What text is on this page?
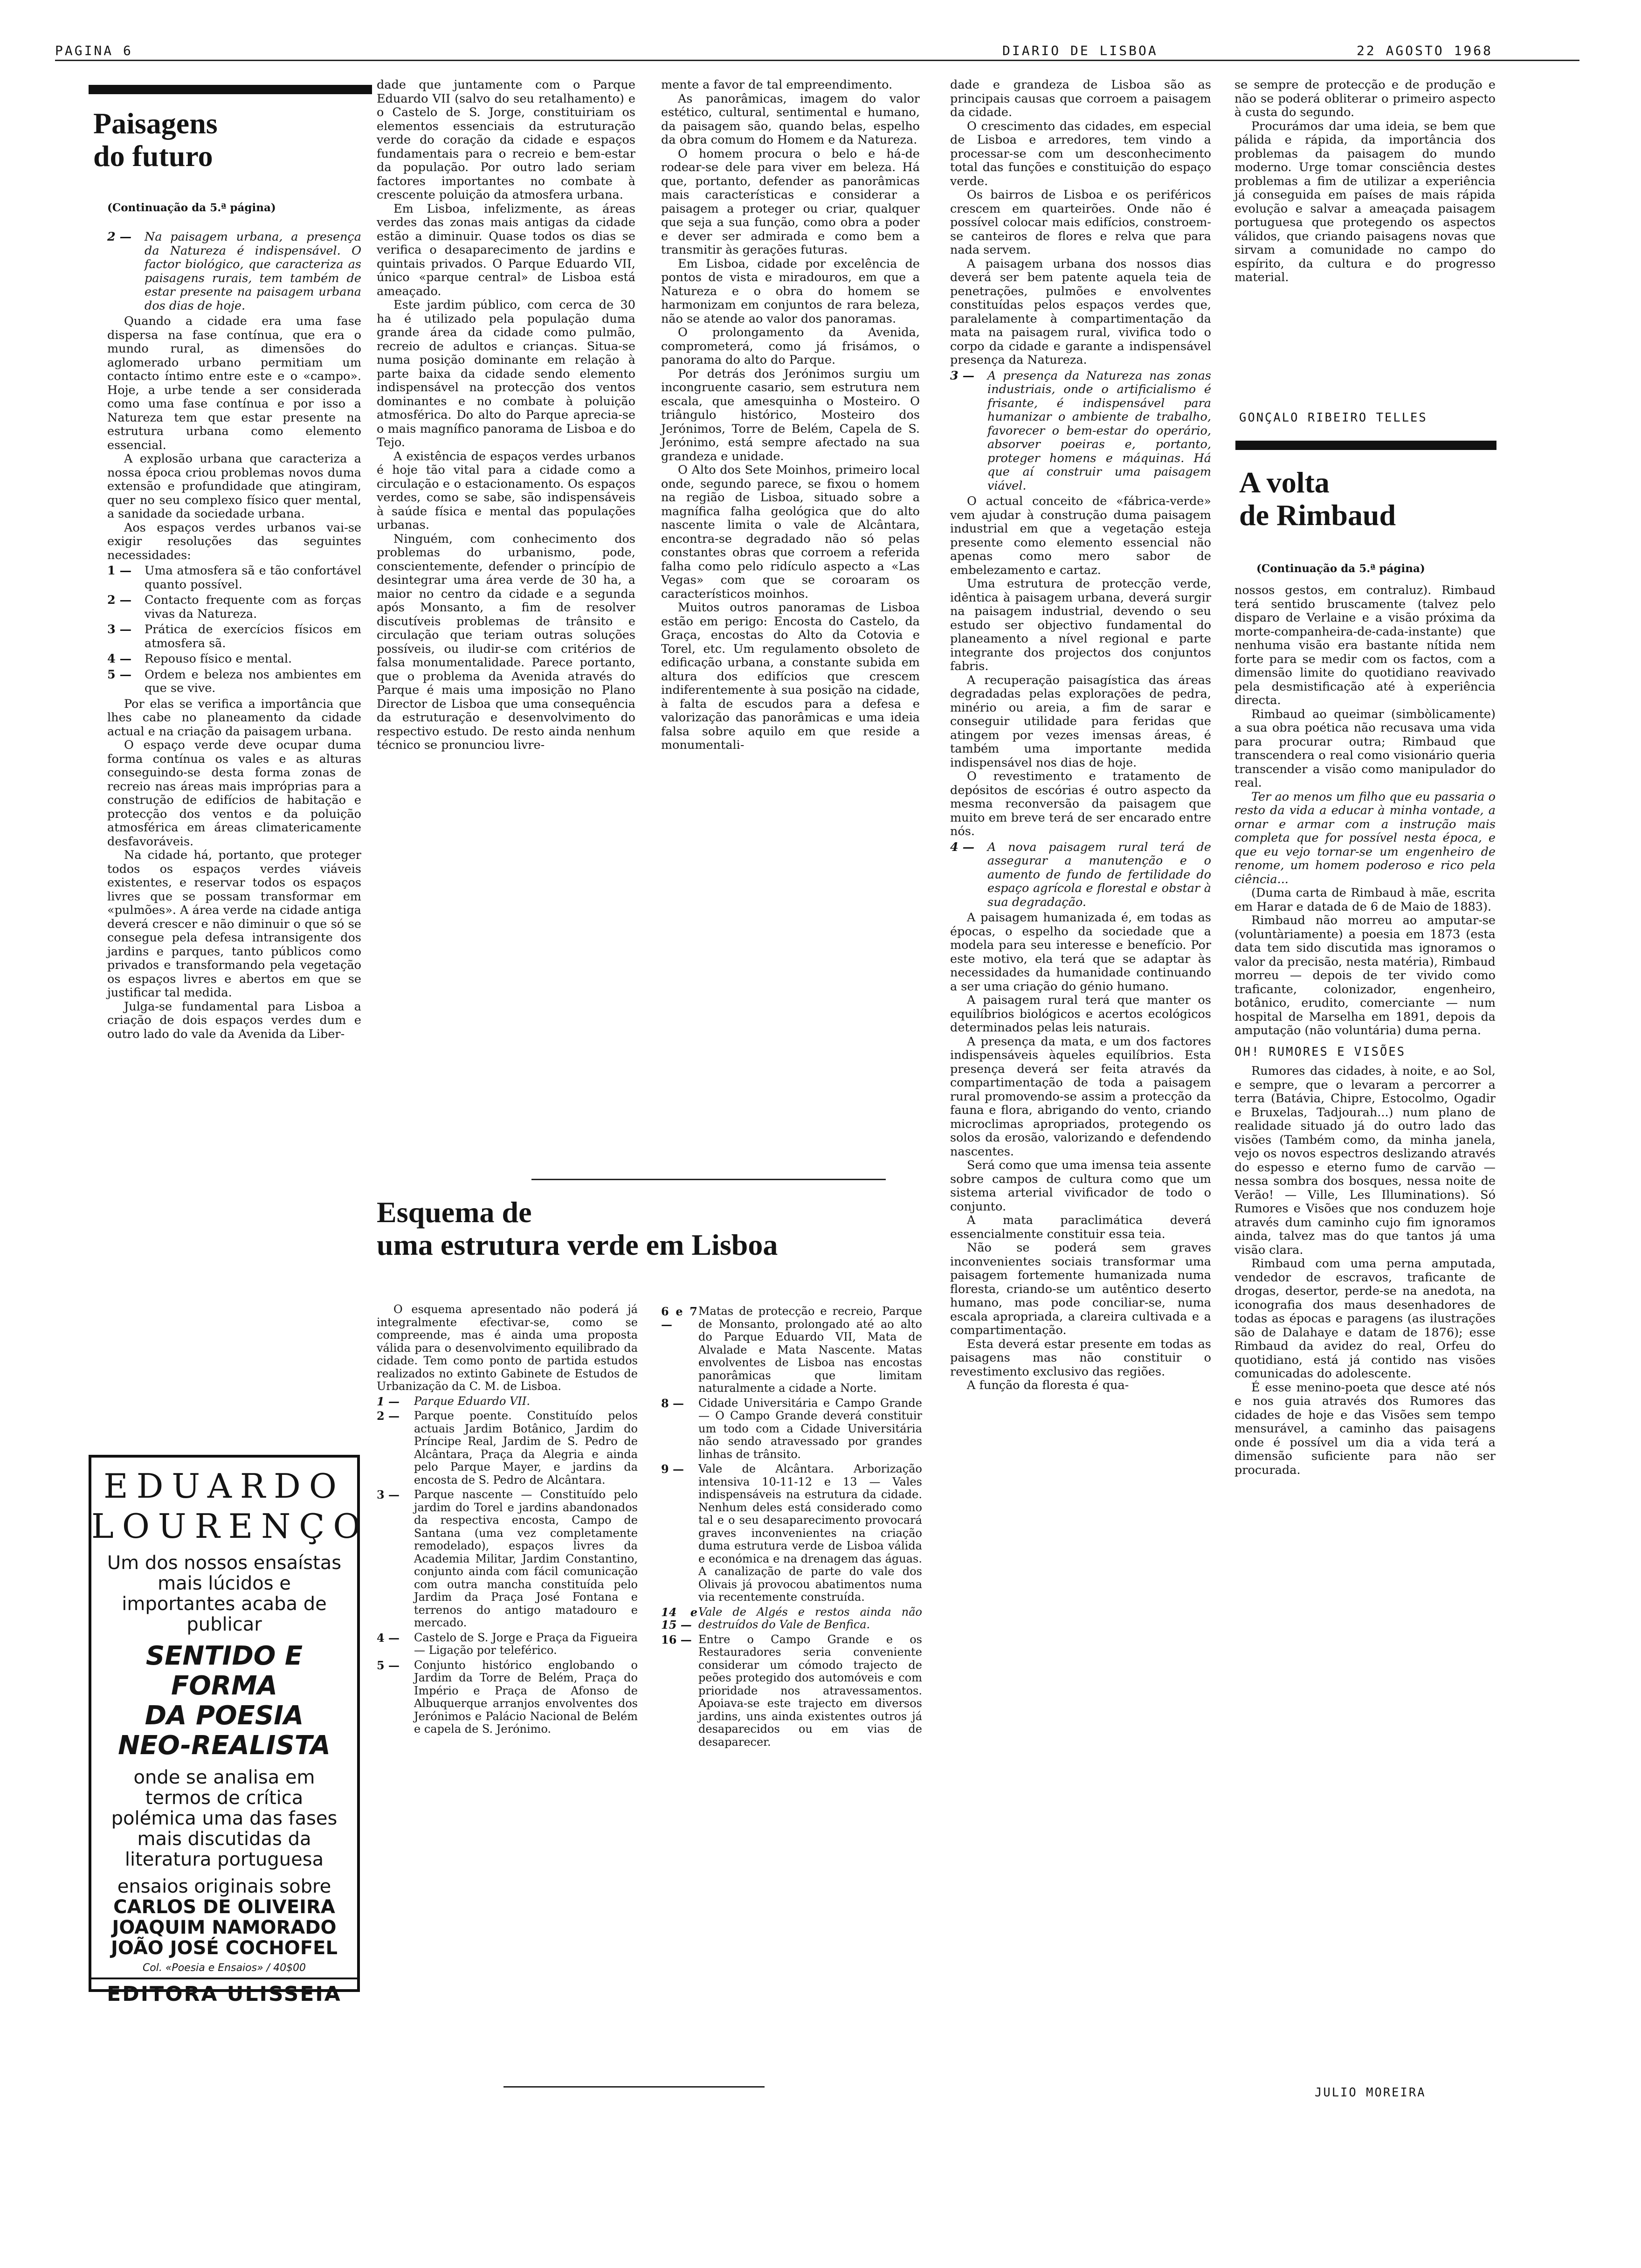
PAGINA 6	DIARIO DE LISBOA	22 AGOSTO 1968
Paisagens
do futuro
(Continuação da 5.ª página)
2 —	Na paisagem urbana, a presença da Natureza é indispensável. O factor biológico, que caracteriza as paisagens rurais, tem também de estar presente na paisagem urbana dos dias de hoje.

Quando a cidade era uma fase dispersa na fase contínua, que era o mundo rural, as dimensões do aglomerado urbano permitiam um contacto íntimo entre este e o «campo». Hoje, a urbe tende a ser considerada como uma fase contínua e por isso a Natureza tem que estar presente na estrutura urbana como elemento essencial.

A explosão urbana que caracteriza a nossa época criou problemas novos duma extensão e profundidade que atingiram, quer no seu complexo físico quer mental, a sanidade da sociedade urbana.

Aos espaços verdes urbanos vai-se exigir resoluções das seguintes necessidades:

1 —	Uma atmosfera sã e tão confortável quanto possível.
2 —	Contacto frequente com as forças vivas da Natureza.
3 —	Prática de exercícios físicos em atmosfera sã.
4 —	Repouso físico e mental.
5 —	Ordem e beleza nos ambientes em que se vive.

Por elas se verifica a importância que lhes cabe no planeamento da cidade actual e na criação da paisagem urbana.

O espaço verde deve ocupar duma forma contínua os vales e as alturas conseguindo-se desta forma zonas de recreio nas áreas mais impróprias para a construção de edifícios de habitação e protecção dos ventos e da poluição atmosférica em áreas climatericamente desfavoráveis.

Na cidade há, portanto, que proteger todos os espaços verdes viáveis existentes, e reservar todos os espaços livres que se possam transformar em «pulmões». A área verde na cidade antiga deverá crescer e não diminuir o que só se consegue pela defesa intransigente dos jardins e parques, tanto públicos como privados e transformando pela vegetação os espaços livres e abertos em que se justificar tal medida.

Julga-se fundamental para Lisboa a criação de dois espaços verdes dum e outro lado do vale da Avenida da Liber-

dade que juntamente com o Parque Eduardo VII (salvo do seu retalhamento) e o Castelo de S. Jorge, constituiriam os elementos essenciais da estruturação verde do coração da cidade e espaços fundamentais para o recreio e bem-estar da população. Por outro lado seriam factores importantes no combate à crescente poluição da atmosfera urbana.

Em Lisboa, infelizmente, as áreas verdes das zonas mais antigas da cidade estão a diminuir. Quase todos os dias se verifica o desaparecimento de jardins e quintais privados. O Parque Eduardo VII, único «parque central» de Lisboa está ameaçado.

Este jardim público, com cerca de 30 ha é utilizado pela população duma grande área da cidade como pulmão, recreio de adultos e crianças. Situa-se numa posição dominante em relação à parte baixa da cidade sendo elemento indispensável na protecção dos ventos dominantes e no combate à poluição atmosférica. Do alto do Parque aprecia-se o mais magnífico panorama de Lisboa e do Tejo.

A existência de espaços verdes urbanos é hoje tão vital para a cidade como a circulação e o estacionamento. Os espaços verdes, como se sabe, são indispensáveis à saúde física e mental das populações urbanas.

Ninguém, com conhecimento dos problemas do urbanismo, pode, conscientemente, defender o princípio de desintegrar uma área verde de 30 ha, a maior no centro da cidade e a segunda após Monsanto, a fim de resolver discutíveis problemas de trânsito e circulação que teriam outras soluções possíveis, ou iludir-se com critérios de falsa monumentalidade. Parece portanto, que o problema da Avenida através do Parque é mais uma imposição no Plano Director de Lisboa que uma consequência da estruturação e desenvolvimento do respectivo estudo. De resto ainda nenhum técnico se pronunciou livre-

mente a favor de tal empreendimento.

As panorâmicas, imagem do valor estético, cultural, sentimental e humano, da paisagem são, quando belas, espelho da obra comum do Homem e da Natureza.

O homem procura o belo e há-de rodear-se dele para viver em beleza. Há que, portanto, defender as panorâmicas mais características e considerar a paisagem a proteger ou criar, qualquer que seja a sua função, como obra a poder e dever ser admirada e como bem a transmitir às gerações futuras.

Em Lisboa, cidade por excelência de pontos de vista e miradouros, em que a Natureza e o obra do homem se harmonizam em conjuntos de rara beleza, não se atende ao valor dos panoramas.

O prolongamento da Avenida, comprometerá, como já frisámos, o panorama do alto do Parque.

Por detrás dos Jerónimos surgiu um incongruente casario, sem estrutura nem escala, que amesquinha o Mosteiro. O triângulo histórico, Mosteiro dos Jerónimos, Torre de Belém, Capela de S. Jerónimo, está sempre afectado na sua grandeza e unidade.

O Alto dos Sete Moinhos, primeiro local onde, segundo parece, se fixou o homem na região de Lisboa, situado sobre a magnífica falha geológica que do alto nascente limita o vale de Alcântara, encontra-se degradado não só pelas constantes obras que corroem a referida falha como pelo ridículo aspecto a «Las Vegas» com que se coroaram os característicos moinhos.

Muitos outros panoramas de Lisboa estão em perigo: Encosta do Castelo, da Graça, encostas do Alto da Cotovia e Torel, etc. Um regulamento obsoleto de edificação urbana, a constante subida em altura dos edifícios que crescem indiferentemente à sua posição na cidade, à falta de escudos para a defesa e valorização das panorâmicas e uma ideia falsa sobre aquilo em que reside a monumentali-

dade e grandeza de Lisboa são as principais causas que corroem a paisagem da cidade.

O crescimento das cidades, em especial de Lisboa e arredores, tem vindo a processar-se com um desconhecimento total das funções e constituição do espaço verde.

Os bairros de Lisboa e os periféricos crescem em quarteirões. Onde não é possível colocar mais edifícios, constroem-se canteiros de flores e relva que para nada servem.

A paisagem urbana dos nossos dias deverá ser bem patente aquela teia de penetrações, pulmões e envolventes constituídas pelos espaços verdes que, paralelamente à compartimentação da mata na paisagem rural, vivifica todo o corpo da cidade e garante a indispensável presença da Natureza.

3 —	A presença da Natureza nas zonas industriais, onde o artificialismo é frisante, é indispensável para humanizar o ambiente de trabalho, favorecer o bem-estar do operário, absorver poeiras e, portanto, proteger homens e máquinas. Há que aí construir uma paisagem viável.

O actual conceito de «fábrica-verde» vem ajudar à construção duma paisagem industrial em que a vegetação esteja presente como elemento essencial não apenas como mero sabor de embelezamento e cartaz.

Uma estrutura de protecção verde, idêntica à paisagem urbana, deverá surgir na paisagem industrial, devendo o seu estudo ser objectivo fundamental do planeamento a nível regional e parte integrante dos projectos dos conjuntos fabris.

A recuperação paisagística das áreas degradadas pelas explorações de pedra, minério ou areia, a fim de sarar e conseguir utilidade para feridas que atingem por vezes imensas áreas, é também uma importante medida indispensável nos dias de hoje.

O revestimento e tratamento de depósitos de escórias é outro aspecto da mesma reconversão da paisagem que muito em breve terá de ser encarado entre nós.

4 —	A nova paisagem rural terá de assegurar a manutenção e o aumento de fundo de fertilidade do espaço agrícola e florestal e obstar à sua degradação.

A paisagem humanizada é, em todas as épocas, o espelho da sociedade que a modela para seu interesse e benefício. Por este motivo, ela terá que se adaptar às necessidades da humanidade continuando a ser uma criação do génio humano.

A paisagem rural terá que manter os equilíbrios biológicos e acertos ecológicos determinados pelas leis naturais.

A presença da mata, e um dos factores indispensáveis àqueles equilíbrios. Esta presença deverá ser feita através da compartimentação de toda a paisagem rural promovendo-se assim a protecção da fauna e flora, abrigando do vento, criando microclimas apropriados, protegendo os solos da erosão, valorizando e defendendo nascentes.

Será como que uma imensa teia assente sobre campos de cultura como que um sistema arterial vivificador de todo o conjunto.

A mata paraclimática deverá essencialmente constituir essa teia.

Não se poderá sem graves inconvenientes sociais transformar uma paisagem fortemente humanizada numa floresta, criando-se um autêntico deserto humano, mas pode conciliar-se, numa escala apropriada, a clareira cultivada e a compartimentação.

Esta deverá estar presente em todas as paisagens mas não constituir o revestimento exclusivo das regiões.

A função da floresta é qua-

se sempre de protecção e de produção e não se poderá obliterar o primeiro aspecto à custa do segundo.

Procurámos dar uma ideia, se bem que pálida e rápida, da importância dos problemas da paisagem do mundo moderno. Urge tomar consciência destes problemas a fim de utilizar a experiência já conseguida em países de mais rápida evolução e salvar a ameaçada paisagem portuguesa que protegendo os aspectos válidos, que criando paisagens novas que sirvam a comunidade no campo do espírito, da cultura e do progresso material.

GONÇALO RIBEIRO TELLES
EDUARDO
LOURENÇO
Um dos nossos ensaístas mais lúcidos e importantes acaba de publicar
SENTIDO E FORMA
DA POESIA
NEO-REALISTA
onde se analisa em termos de crítica polémica uma das fases mais discutidas da literatura portuguesa
ensaios originais sobre
CARLOS DE OLIVEIRA
JOAQUIM NAMORADO
JOÃO JOSÉ COCHOFEL
Col. «Poesia e Ensaios» / 40$00
EDITORA ULISSEIA
Esquema de
uma estrutura verde em Lisboa

O esquema apresentado não poderá já integralmente efectivar-se, como se compreende, mas é ainda uma proposta válida para o desenvolvimento equilibrado da cidade. Tem como ponto de partida estudos realizados no extinto Gabinete de Estudos de Urbanização da C. M. de Lisboa.

1 —	Parque Eduardo VII.
2 —	Parque poente. Constituído pelos actuais Jardim Botânico, Jardim do Príncipe Real, Jardim de S. Pedro de Alcântara, Praça da Alegria e ainda pelo Parque Mayer, e jardins da encosta de S. Pedro de Alcântara.
3 —	Parque nascente — Constituído pelo jardim do Torel e jardins abandonados da respectiva encosta, Campo de Santana (uma vez completamente remodelado), espaços livres da Academia Militar, Jardim Constantino, conjunto ainda com fácil comunicação com outra mancha constituída pelo Jardim da Praça José Fontana e terrenos do antigo matadouro e mercado.
4 —	Castelo de S. Jorge e Praça da Figueira — Ligação por teleférico.
5 —	Conjunto histórico englobando o Jardim da Torre de Belém, Praça do Império e Praça de Afonso de Albuquerque arranjos envolventes dos Jerónimos e Palácio Nacional de Belém e capela de S. Jerónimo.
6 e 7 —
Matas de protecção e recreio, Parque de Monsanto, prolongado até ao alto do Parque Eduardo VII, Mata de Alvalade e Mata Nascente. Matas envolventes de Lisboa nas encostas panorâmicas que limitam naturalmente a cidade a Norte.
8 —	Cidade Universitária e Campo Grande — O Campo Grande deverá constituir um todo com a Cidade Universitária não sendo atravessado por grandes linhas de trânsito.
9 —	Vale de Alcântara. Arborização intensiva 10-11-12 e 13 — Vales indispensáveis na estrutura da cidade. Nenhum deles está considerado como tal e o seu desaparecimento provocará graves inconvenientes na criação duma estrutura verde de Lisboa válida e económica e na drenagem das águas. A canalização de parte do vale dos Olivais já provocou abatimentos numa via recentemente construída.
14 e 15 —
Vale de Algés e restos ainda não destruídos do Vale de Benfica.
16 — Entre o Campo Grande e os Restauradores seria conveniente considerar um cómodo trajecto de peões protegido dos automóveis e com prioridade nos atravessamentos. Apoiava-se este trajecto em diversos jardins, uns ainda existentes outros já desaparecidos ou em vias de desaparecer.
A volta
de Rimbaud
(Continuação da 5.ª página)

nossos gestos, em contraluz). Rimbaud terá sentido bruscamente (talvez pelo disparo de Verlaine e a visão próxima da morte-companheira-de-cada-instante) que nenhuma visão era bastante nítida nem forte para se medir com os factos, com a dimensão limite do quotidiano reavivado pela desmistificação até à experiência directa.

Rimbaud ao queimar (simbòlicamente) a sua obra poética não recusava uma vida para procurar outra; Rimbaud que transcendera o real como visionário queria transcender a visão como manipulador do real.

Ter ao menos um filho que eu passaria o resto da vida a educar à minha vontade, a ornar e armar com a instrução mais completa que for possível nesta época, e que eu vejo tornar-se um engenheiro de renome, um homem poderoso e rico pela ciência...

(Duma carta de Rimbaud à mãe, escrita em Harar e datada de 6 de Maio de 1883).

Rimbaud não morreu ao amputar-se (voluntàriamente) a poesia em 1873 (esta data tem sido discutida mas ignoramos o valor da precisão, nesta matéria), Rimbaud morreu — depois de ter vivido como traficante, colonizador, engenheiro, botânico, erudito, comerciante — num hospital de Marselha em 1891, depois da amputação (não voluntária) duma perna.

OH! RUMORES E VISÕES

Rumores das cidades, à noite, e ao Sol, e sempre, que o levaram a percorrer a terra (Batávia, Chipre, Estocolmo, Ogadir e Bruxelas, Tadjourah...) num plano de realidade situado já do outro lado das visões (Também como, da minha janela, vejo os novos espectros deslizando através do espesso e eterno fumo de carvão — nessa sombra dos bosques, nessa noite de Verão! — Ville, Les Illuminations). Só Rumores e Visões que nos conduzem hoje através dum caminho cujo fim ignoramos ainda, talvez mas do que tantos já uma visão clara.

Rimbaud com uma perna amputada, vendedor de escravos, traficante de drogas, desertor, perde-se na anedota, na iconografia dos maus desenhadores de todas as épocas e paragens (as ilustrações são de Dalahaye e datam de 1876); esse Rimbaud da avidez do real, Orfeu do quotidiano, está já contido nas visões comunicadas do adolescente.

É esse menino-poeta que desce até nós e nos guia através dos Rumores das cidades de hoje e das Visões sem tempo mensurável, a caminho das paisagens onde é possível um dia a vida terá a dimensão suficiente para não ser procurada.

JULIO MOREIRA
